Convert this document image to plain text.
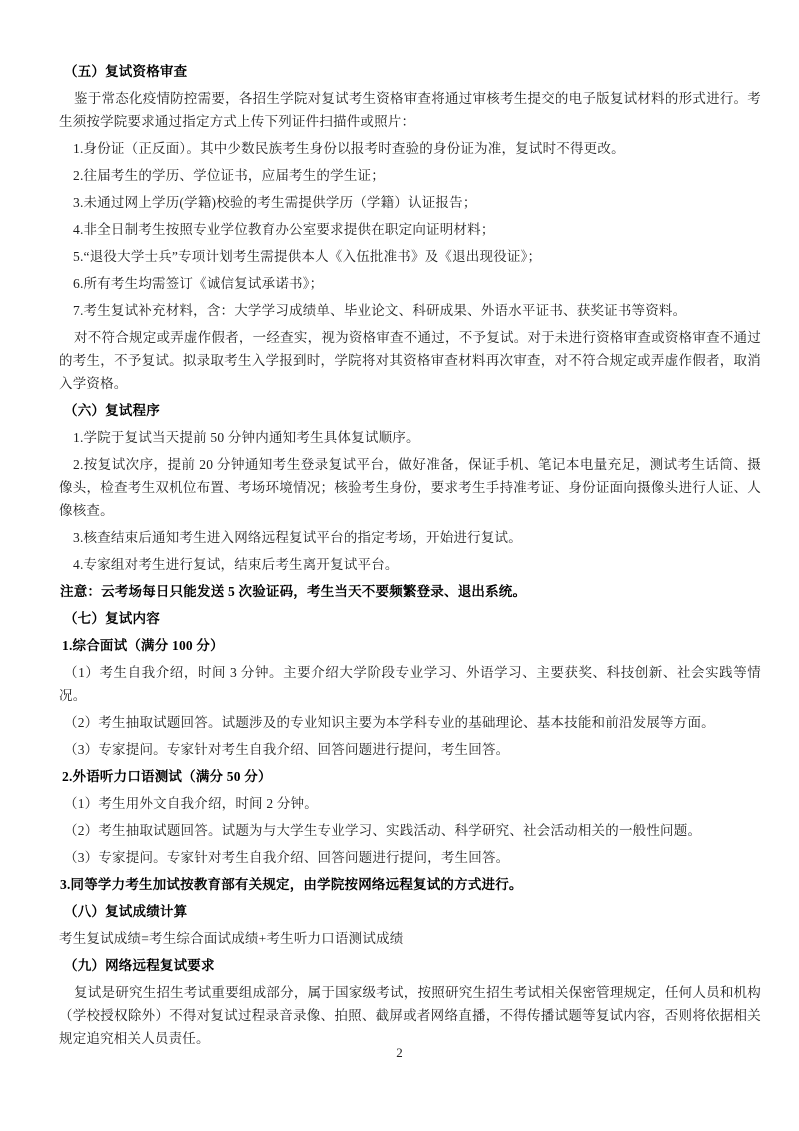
（五）复试资格审查

鉴于常态化疫情防控需要，各招生学院对复试考生资格审查将通过审核考生提交的电子版复试材料的形式进行。考生须按学院要求通过指定方式上传下列证件扫描件或照片：

1.身份证（正反面）。其中少数民族考生身份以报考时查验的身份证为准，复试时不得更改。

2.往届考生的学历、学位证书，应届考生的学生证；

3.未通过网上学历(学籍)校验的考生需提供学历（学籍）认证报告；

4.非全日制考生按照专业学位教育办公室要求提供在职定向证明材料；

5.“退役大学士兵”专项计划考生需提供本人《入伍批准书》及《退出现役证》；

6.所有考生均需签订《诚信复试承诺书》；

7.考生复试补充材料，含：大学学习成绩单、毕业论文、科研成果、外语水平证书、获奖证书等资料。

对不符合规定或弄虚作假者，一经查实，视为资格审查不通过，不予复试。对于未进行资格审查或资格审查不通过的考生，不予复试。拟录取考生入学报到时，学院将对其资格审查材料再次审查，对不符合规定或弄虚作假者，取消入学资格。

（六）复试程序

1.学院于复试当天提前 50 分钟内通知考生具体复试顺序。

2.按复试次序，提前 20 分钟通知考生登录复试平台，做好准备，保证手机、笔记本电量充足，测试考生话筒、摄像头，检查考生双机位布置、考场环境情况；核验考生身份，要求考生手持准考证、身份证面向摄像头进行人证、人像核查。

3.核查结束后通知考生进入网络远程复试平台的指定考场，开始进行复试。

4.专家组对考生进行复试，结束后考生离开复试平台。

注意：云考场每日只能发送 5 次验证码，考生当天不要频繁登录、退出系统。

（七）复试内容

1.综合面试（满分 100 分）

（1）考生自我介绍，时间 3 分钟。主要介绍大学阶段专业学习、外语学习、主要获奖、科技创新、社会实践等情况。

（2）考生抽取试题回答。试题涉及的专业知识主要为本学科专业的基础理论、基本技能和前沿发展等方面。

（3）专家提问。专家针对考生自我介绍、回答问题进行提问，考生回答。

2.外语听力口语测试（满分 50 分）

（1）考生用外文自我介绍，时间 2 分钟。

（2）考生抽取试题回答。试题为与大学生专业学习、实践活动、科学研究、社会活动相关的一般性问题。

（3）专家提问。专家针对考生自我介绍、回答问题进行提问，考生回答。

3.同等学力考生加试按教育部有关规定，由学院按网络远程复试的方式进行。

（八）复试成绩计算

考生复试成绩=考生综合面试成绩+考生听力口语测试成绩

（九）网络远程复试要求

复试是研究生招生考试重要组成部分，属于国家级考试，按照研究生招生考试相关保密管理规定，任何人员和机构（学校授权除外）不得对复试过程录音录像、拍照、截屏或者网络直播，不得传播试题等复试内容，否则将依据相关规定追究相关人员责任。

2
